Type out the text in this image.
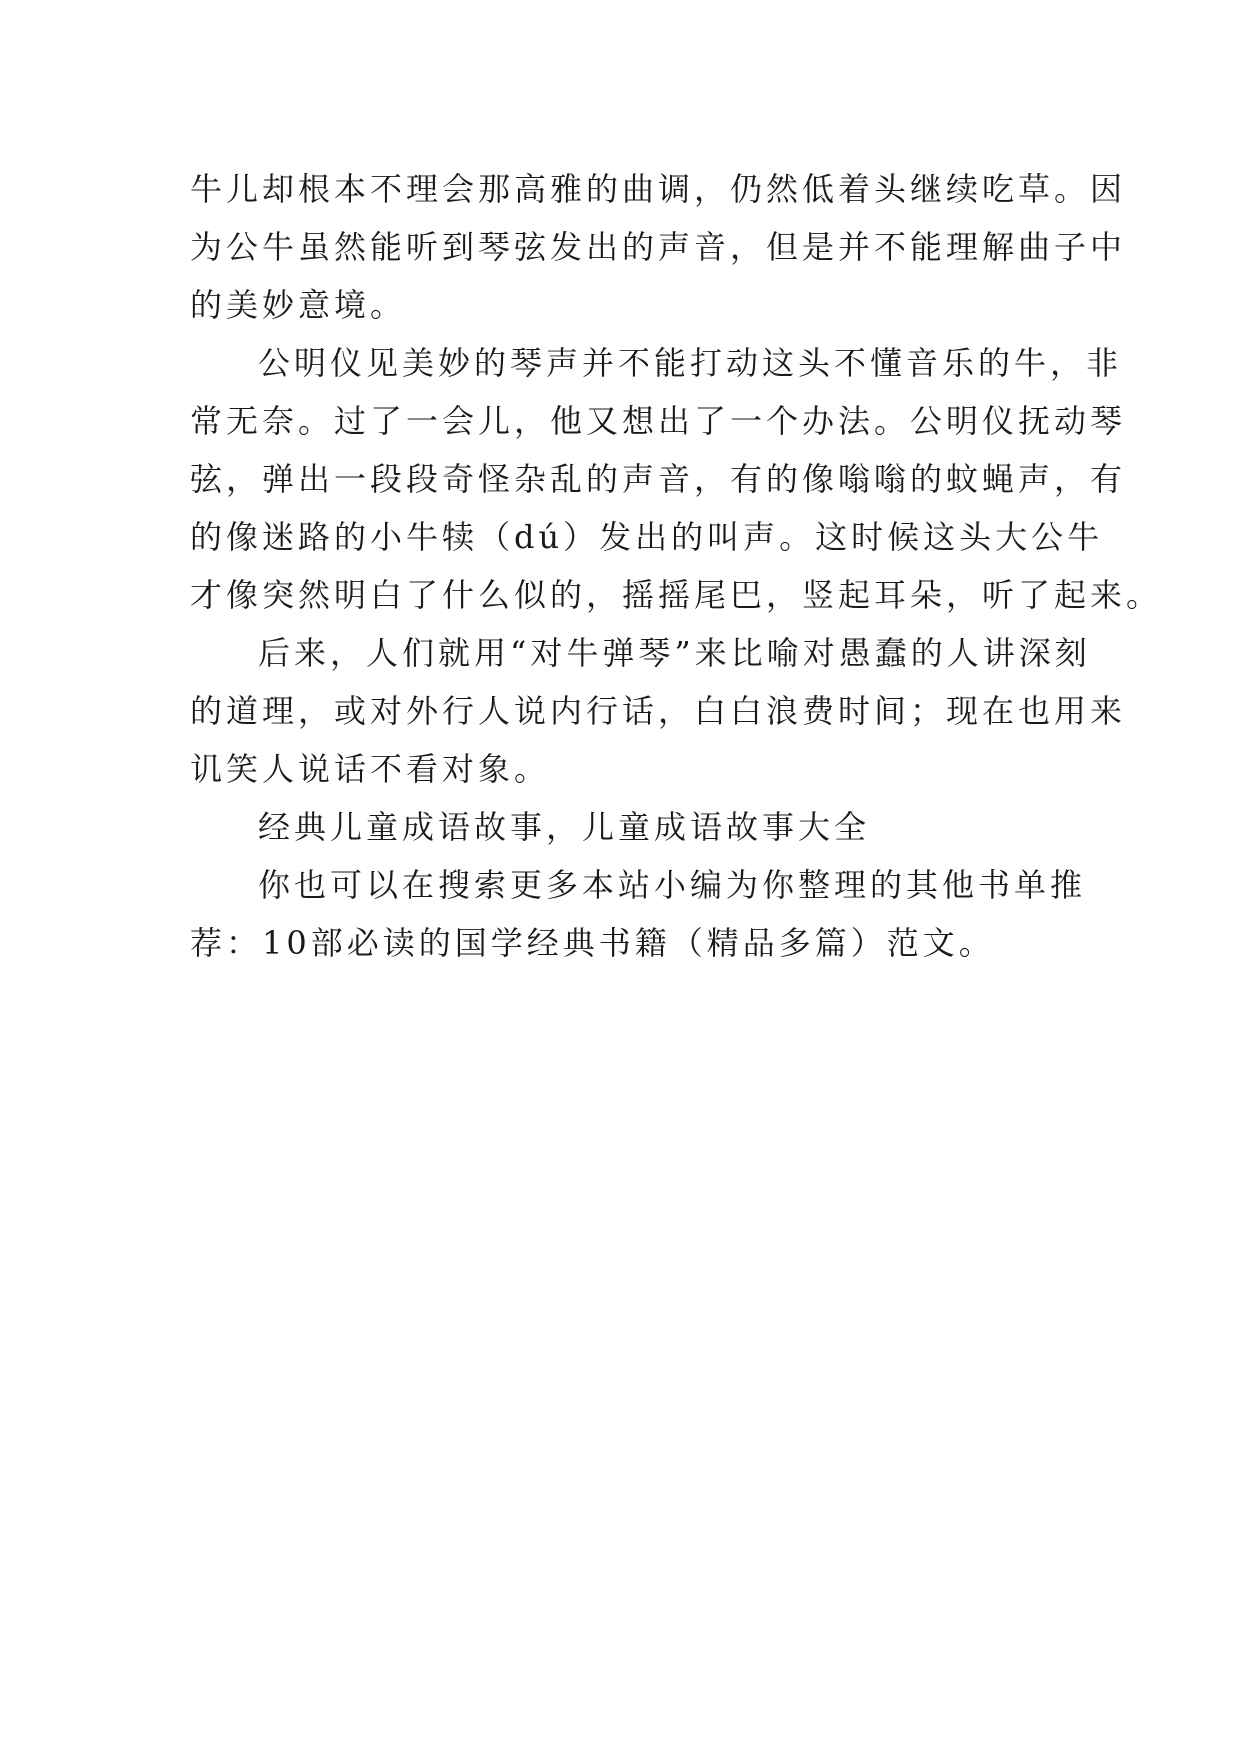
牛儿却根本不理会那高雅的曲调，仍然低着头继续吃草。因
为公牛虽然能听到琴弦发出的声音，但是并不能理解曲子中
的美妙意境。
公明仪见美妙的琴声并不能打动这头不懂音乐的牛，非
常无奈。过了一会儿，他又想出了一个办法。公明仪抚动琴
弦，弹出一段段奇怪杂乱的声音，有的像嗡嗡的蚊蝇声，有
的像迷路的小牛犊（dú）发出的叫声。这时候这头大公牛
才像突然明白了什么似的，摇摇尾巴，竖起耳朵，听了起来。
后来，人们就用“对牛弹琴”来比喻对愚蠢的人讲深刻
的道理，或对外行人说内行话，白白浪费时间；现在也用来
讥笑人说话不看对象。
经典儿童成语故事，儿童成语故事大全
你也可以在搜索更多本站小编为你整理的其他书单推
荐：10部必读的国学经典书籍（精品多篇）范文。
